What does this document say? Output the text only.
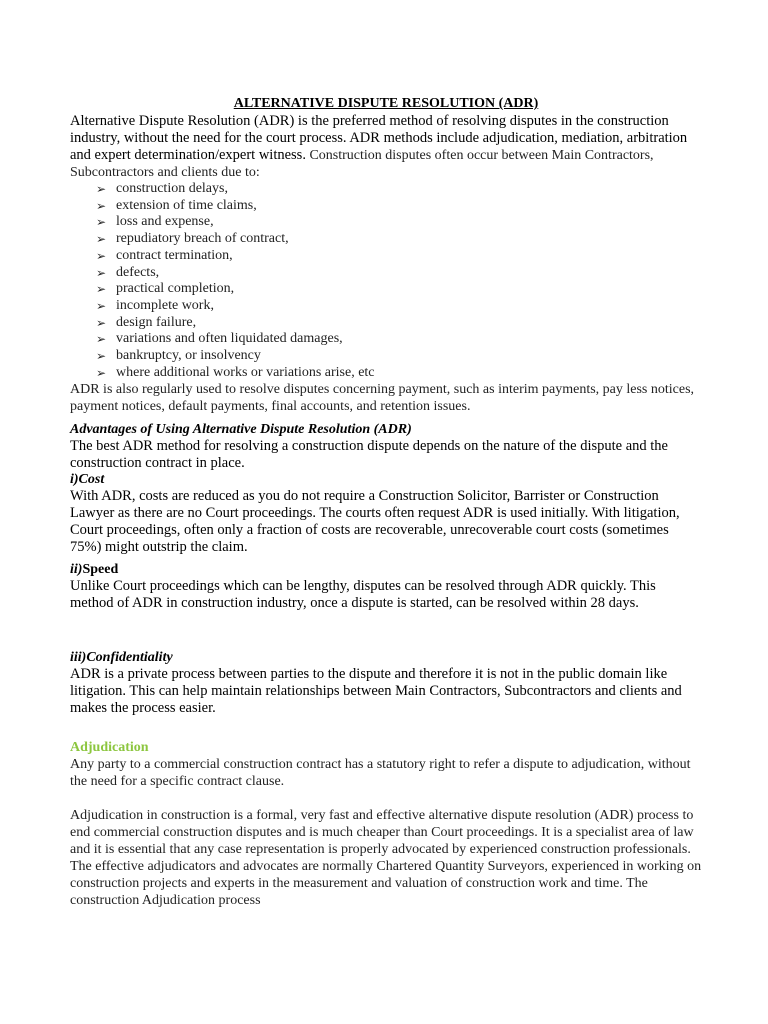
ALTERNATIVE DISPUTE RESOLUTION (ADR)

Alternative Dispute Resolution (ADR) is the preferred method of resolving disputes in the construction industry, without the need for the court process. ADR methods include adjudication, mediation, arbitration and expert determination/expert witness. Construction disputes often occur between Main Contractors, Subcontractors and clients due to:

➢ construction delays,
➢ extension of time claims,
➢ loss and expense,
➢ repudiatory breach of contract,
➢ contract termination,
➢ defects,
➢ practical completion,
➢ incomplete work,
➢ design failure,
➢ variations and often liquidated damages,
➢ bankruptcy, or insolvency
➢ where additional works or variations arise, etc

ADR is also regularly used to resolve disputes concerning payment, such as interim payments, pay less notices, payment notices, default payments, final accounts, and retention issues.

Advantages of Using Alternative Dispute Resolution (ADR)

The best ADR method for resolving a construction dispute depends on the nature of the dispute and the construction contract in place.

i)Cost

With ADR, costs are reduced as you do not require a Construction Solicitor, Barrister or Construction Lawyer as there are no Court proceedings. The courts often request ADR is used initially. With litigation, Court proceedings, often only a fraction of costs are recoverable, unrecoverable court costs (sometimes 75%) might outstrip the claim.

ii)Speed

Unlike Court proceedings which can be lengthy, disputes can be resolved through ADR quickly. This method of ADR in construction industry, once a dispute is started, can be resolved within 28 days.

iii)Confidentiality

ADR is a private process between parties to the dispute and therefore it is not in the public domain like litigation. This can help maintain relationships between Main Contractors, Subcontractors and clients and makes the process easier.

Adjudication

Any party to a commercial construction contract has a statutory right to refer a dispute to adjudication, without the need for a specific contract clause.

Adjudication in construction is a formal, very fast and effective alternative dispute resolution (ADR) process to end commercial construction disputes and is much cheaper than Court proceedings. It is a specialist area of law and it is essential that any case representation is properly advocated by experienced construction professionals. The effective adjudicators and advocates are normally Chartered Quantity Surveyors, experienced in working on construction projects and experts in the measurement and valuation of construction work and time. The construction Adjudication process
